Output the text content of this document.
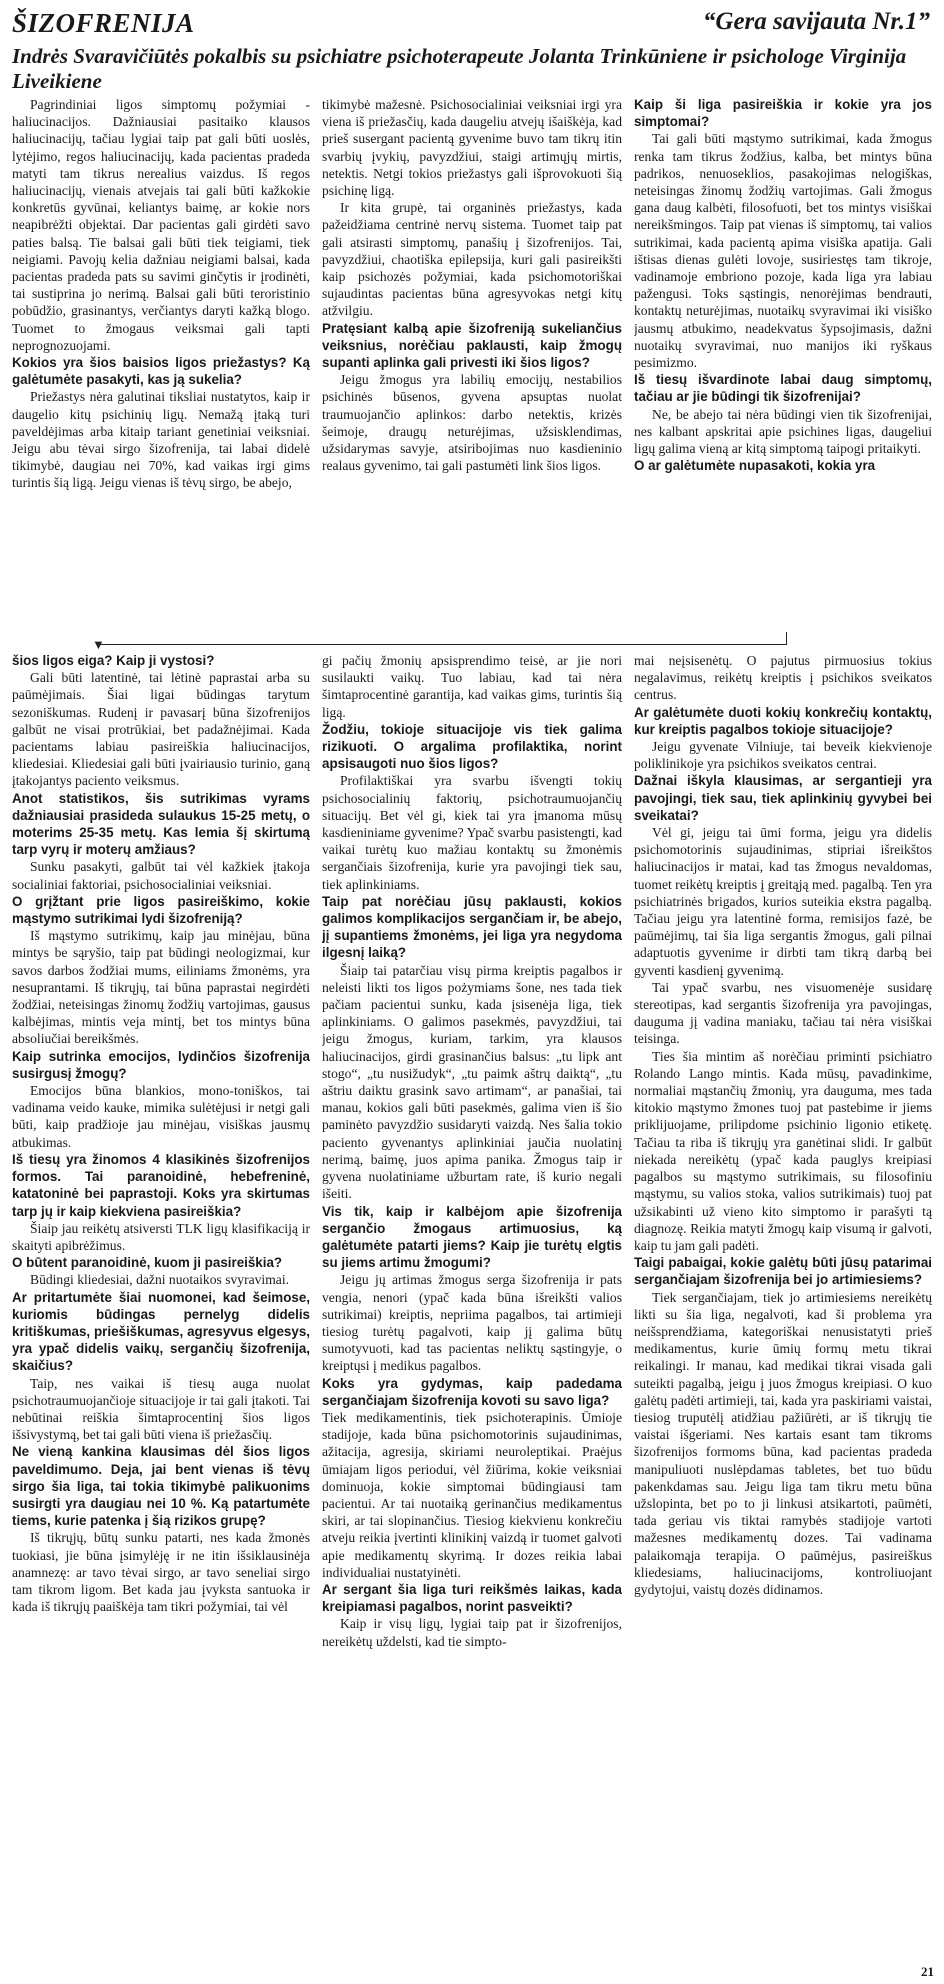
ŠIZOFRENIJA	“Gera savijauta Nr.1”
Indrės Svaravičiūtės pokalbis su psichiatre psichoterapeute Jolanta Trinkūniene ir psichologe Virginija Liveikiene

Pagrindiniai ligos simptomų požymiai - haliucinacijos. Dažniausiai pasitaiko klausos haliucinacijų, tačiau lygiai taip pat gali būti uoslės, lytėjimo, regos haliucinacijų, kada pacientas pradeda matyti tam tikrus nerealius vaizdus. Iš regos haliucinacijų, vienais atvejais tai gali būti kažkokie konkretūs gyvūnai, keliantys baimę, ar kokie nors neapibrėžti objektai. Dar pacientas gali girdėti savo paties balsą. Tie balsai gali būti tiek teigiami, tiek neigiami. Pavojų kelia dažniau neigiami balsai, kada pacientas pradeda pats su savimi ginčytis ir įrodinėti, tai sustiprina jo nerimą. Balsai gali būti teroristinio pobūdžio, grasinantys, verčiantys daryti kažką blogo. Tuomet to žmogaus veiksmai gali tapti neprognozuojami.

Kokios yra šios baisios ligos priežastys? Ką galėtumėte pasakyti, kas ją sukelia?

Priežastys nėra galutinai tiksliai nustatytos, kaip ir daugelio kitų psichinių ligų. Nemažą įtaką turi paveldėjimas arba kitaip tariant genetiniai veiksniai. Jeigu abu tėvai sirgo šizofrenija, tai labai didelė tikimybė, daugiau nei 70%, kad vaikas irgi gims turintis šią ligą. Jeigu vienas iš tėvų sirgo, be abejo,

tikimybė mažesnė. Psichosocialiniai veiksniai irgi yra viena iš priežasčių, kada daugeliu atvejų išaiškėja, kad prieš susergant pacientą gyvenime buvo tam tikrų itin svarbių įvykių, pavyzdžiui, staigi artimųjų mirtis, netektis. Netgi tokios priežastys gali išprovokuoti šią psichinę ligą.

Ir kita grupė, tai organinės priežastys, kada pažeidžiama centrinė nervų sistema. Tuomet taip pat gali atsirasti simptomų, panašių į šizofrenijos. Tai, pavyzdžiui, chaotiška epilepsija, kuri gali pasireikšti kaip psichozės požymiai, kada psichomotoriškai sujaudintas pacientas būna agresyvokas netgi kitų atžvilgiu.

Pratęsiant kalbą apie šizofreniją sukeliančius veiksnius, norėčiau paklausti, kaip žmogų supanti aplinka gali privesti iki šios ligos?

Jeigu žmogus yra labilių emocijų, nestabilios psichinės būsenos, gyvena apsuptas nuolat traumuojančio aplinkos: darbo netektis, krizės šeimoje, draugų neturėjimas, užsisklendimas, užsidarymas savyje, atsiribojimas nuo kasdieninio realaus gyvenimo, tai gali pastumėti link šios ligos.

Kaip ši liga pasireiškia ir kokie yra jos simptomai?

Tai gali būti mąstymo sutrikimai, kada žmogus renka tam tikrus žodžius, kalba, bet mintys būna padrikos, nenuoseklios, pasakojimas nelogiškas, neteisingas žinomų žodžių vartojimas. Gali žmogus gana daug kalbėti, filosofuoti, bet tos mintys visiškai nereikšmingos. Taip pat vienas iš simptomų, tai valios sutrikimai, kada pacientą apima visiška apatija. Gali ištisas dienas gulėti lovoje, susiriestęs tam tikroje, vadinamoje embriono pozoje, kada liga yra labiau pažengusi. Toks sąstingis, nenorėjimas bendrauti, kontaktų neturėjimas, nuotaikų svyravimai iki visiško jausmų atbukimo, neadekvatus šypsojimasis, dažni nuotaikų svyravimai, nuo manijos iki ryškaus pesimizmo.

Iš tiesų išvardinote labai daug simptomų, tačiau ar jie būdingi tik šizofrenijai?

Ne, be abejo tai nėra būdingi vien tik šizofrenijai, nes kalbant apskritai apie psichines ligas, daugeliui ligų galima vieną ar kitą simptomą taipogi pritaikyti.

O ar galėtumėte nupasakoti, kokia yra

▼

šios ligos eiga? Kaip ji vystosi?

Gali būti latentinė, tai lėtinė paprastai arba su paūmėjimais. Šiai ligai būdingas tarytum sezoniškumas. Rudenį ir pavasarį būna šizofrenijos galbūt ne visai protrūkiai, bet padažnėjimai. Kada pacientams labiau pasireiškia haliucinacijos, kliedesiai. Kliedesiai gali būti įvairiausio turinio, ganą įtakojantys paciento veiksmus.

Anot statistikos, šis sutrikimas vyrams dažniausiai prasideda sulaukus 15-25 metų, o moterims 25-35 metų. Kas lemia šį skirtumą tarp vyrų ir moterų amžiaus?

Sunku pasakyti, galbūt tai vėl kažkiek įtakoja socialiniai faktoriai, psichosocialiniai veiksniai.

O grįžtant prie ligos pasireiškimo, kokie mąstymo sutrikimai lydi šizofreniją?

Iš mąstymo sutrikimų, kaip jau minėjau, būna mintys be sąryšio, taip pat būdingi neologizmai, kur savos darbos žodžiai mums, eiliniams žmonėms, yra nesuprantami. Iš tikrųjų, tai būna paprastai negirdėti žodžiai, neteisingas žinomų žodžių vartojimas, gausus kalbėjimas, mintis veja mintį, bet tos mintys būna absoliučiai bereikšmės.

Kaip sutrinka emocijos, lydinčios šizofrenija susirgusį žmogų?

Emocijos būna blankios, mono-toniškos, tai vadinama veido kauke, mimika sulėtėjusi ir netgi gali būti, kaip pradžioje jau minėjau, visiškas jausmų atbukimas.

Iš tiesų yra žinomos 4 klasikinės šizofrenijos formos. Tai paranoidinė, hebefreninė, katatoninė bei paprastoji. Koks yra skirtumas tarp jų ir kaip kiekviena pasireiškia?

Šiaip jau reikėtų atsiversti TLK ligų klasifikaciją ir skaityti apibrėžimus.

O būtent paranoidinė, kuom ji pasireiškia?

Būdingi kliedesiai, dažni nuotaikos svyravimai.

Ar pritartumėte šiai nuomonei, kad šeimose, kuriomis būdingas pernelyg didelis kritiškumas, priešiškumas, agresyvus elgesys, yra ypač didelis vaikų, sergančių šizofrenija, skaičius?

Taip, nes vaikai iš tiesų auga nuolat psichotraumuojančioje situacijoje ir tai gali įtakoti. Tai nebūtinai reiškia šimtaprocentinį šios ligos išsivystymą, bet tai gali būti viena iš priežasčių.

Ne vieną kankina klausimas dėl šios ligos paveldimumo. Deja, jai bent vienas iš tėvų sirgo šia liga, tai tokia tikimybė palikuonims susirgti yra daugiau nei 10 %. Ką patartumėte tiems, kurie patenka į šią rizikos grupę?

Iš tikrųjų, būtų sunku patarti, nes kada žmonės tuokiasi, jie būna įsimylėję ir ne itin išsiklausinėja anamnezę: ar tavo tėvai sirgo, ar tavo seneliai sirgo tam tikrom ligom. Bet kada jau įvyksta santuoka ir kada iš tikrųjų paaiškėja tam tikri požymiai, tai vėl

gi pačių žmonių apsisprendimo teisė, ar jie nori susilaukti vaikų. Tuo labiau, kad tai nėra šimtaprocentinė garantija, kad vaikas gims, turintis šią ligą.

Žodžiu, tokioje situacijoje vis tiek galima rizikuoti. O argalima profilaktika, norint apsisaugoti nuo šios ligos?

Profilaktiškai yra svarbu išvengti tokių psichosocialinių faktorių, psichotraumuojančių situacijų. Bet vėl gi, kiek tai yra įmanoma mūsų kasdieniniame gyvenime? Ypač svarbu pasistengti, kad vaikai turėtų kuo mažiau kontaktų su žmonėmis sergančiais šizofrenija, kurie yra pavojingi tiek sau, tiek aplinkiniams.

Taip pat norėčiau jūsų paklausti, kokios galimos komplikacijos sergančiam ir, be abejo, jį supantiems žmonėms, jei liga yra negydoma ilgesnį laiką?

Šiaip tai patarčiau visų pirma kreiptis pagalbos ir neleisti likti tos ligos pożymiams šone, nes tada tiek pačiam pacientui sunku, kada įsisenėja liga, tiek aplinkiniams. O galimos pasekmės, pavyzdžiui, tai jeigu žmogus, kuriam, tarkim, yra klausos haliucinacijos, girdi grasinančius balsus: „tu lipk ant stogo“, „tu nusižudyk“, „tu paimk aštrų daiktą“, „tu aštriu daiktu grasink savo artimam“, ar panašiai, tai manau, kokios gali būti pasekmės, galima vien iš šio paminėto pavyzdžio susidaryti vaizdą. Nes šalia tokio paciento gyvenantys aplinkiniai jaučia nuolatinį nerimą, baimę, juos apima panika. Žmogus taip ir gyvena nuolatiniame užburtam rate, iš kurio negali išeiti.

Vis tik, kaip ir kalbėjom apie šizofrenija sergančio žmogaus artimuosius, ką galėtumėte patarti jiems? Kaip jie turėtų elgtis su jiems artimu žmogumi?

Jeigu jų artimas žmogus serga šizofrenija ir pats vengia, nenori (ypač kada būna išreikšti valios sutrikimai) kreiptis, nepriima pagalbos, tai artimieji tiesiog turėtų pagalvoti, kaip jį galima būtų sumotyvuoti, kad tas pacientas neliktų sąstingyje, o kreiptųsi į medikus pagalbos.

Koks yra gydymas, kaip padedama sergančiajam šizofrenija kovoti su savo liga?

Tiek medikamentinis, tiek psichoterapinis. Ūmioje stadijoje, kada būna psichomotorinis sujaudinimas, ažitacija, agresija, skiriami neuroleptikai. Praėjus ūmiajam ligos periodui, vėl žiūrima, kokie veiksniai dominuoja, kokie simptomai būdingiausi tam pacientui. Ar tai nuotaiką gerinančius medikamentus skiri, ar tai slopinančius. Tiesiog kiekvienu konkrečiu atveju reikia įvertinti klinikinį vaizdą ir tuomet galvoti apie medikamentų skyrimą. Ir dozes reikia labai individualiai nustatyinėti.

Ar sergant šia liga turi reikšmės laikas, kada kreipiamasi pagalbos, norint pasveikti?

Kaip ir visų ligų, lygiai taip pat ir šizofrenijos, nereikėtų uždelsti, kad tie simpto-

mai neįsisenėtų. O pajutus pirmuosius tokius negalavimus, reikėtų kreiptis į psichikos sveikatos centrus.

Ar galėtumėte duoti kokių konkrečių kontaktų, kur kreiptis pagalbos tokioje situacijoje?

Jeigu gyvenate Vilniuje, tai beveik kiekvienoje poliklinikoje yra psichikos sveikatos centrai.

Dažnai iškyla klausimas, ar sergantieji yra pavojingi, tiek sau, tiek aplinkinių gyvybei bei sveikatai?

Vėl gi, jeigu tai ūmi forma, jeigu yra didelis psichomotorinis sujaudinimas, stipriai išreikštos haliucinacijos ir matai, kad tas žmogus nevaldomas, tuomet reikėtų kreiptis į greitąją med. pagalbą. Ten yra psichiatrinės brigados, kurios suteikia ekstra pagalbą. Tačiau jeigu yra latentinė forma, remisijos fazė, be paūmėjimų, tai šia liga sergantis žmogus, gali pilnai adaptuotis gyvenime ir dirbti tam tikrą darbą bei gyventi kasdienį gyvenimą.

Tai ypač svarbu, nes visuomenėje susidarę stereotipas, kad sergantis šizofrenija yra pavojingas, dauguma jį vadina maniaku, tačiau tai nėra visiškai teisinga.

Ties šia mintim aš norėčiau priminti psichiatro Rolando Lango mintis. Kada mūsų, pavadinkime, normaliai mąstančių žmonių, yra dauguma, mes tada kitokio mąstymo žmones tuoj pat pastebime ir jiems priklijuojame, prilipdome psichinio ligonio etiketę. Tačiau ta riba iš tikrųjų yra ganėtinai slidi. Ir galbūt niekada nereikėtų (ypač kada pauglys kreipiasi pagalbos su mąstymo sutrikimais, su filosofiniu mąstymu, su valios stoka, valios sutrikimais) tuoj pat užsikabinti už vieno kito simptomo ir parašyti tą diagnozę. Reikia matyti žmogų kaip visumą ir galvoti, kaip tu jam gali padėti.

Taigi pabaigai, kokie galėtų būti jūsų patarimai sergančiajam šizofrenija bei jo artimiesiems?

Tiek sergančiajam, tiek jo artimiesiems nereikėtų likti su šia liga, negalvoti, kad ši problema yra neišsprendžiama, kategoriškai nenusistatyti prieš medikamentus, kurie ūmių formų metu tikrai reikalingi. Ir manau, kad medikai tikrai visada gali suteikti pagalbą, jeigu į juos žmogus kreipiasi. O kuo galėtų padėti artimieji, tai, kada yra paskiriami vaistai, tiesiog truputėlį atidžiau pažiūrėti, ar iš tikrųjų tie vaistai išgeriami. Nes kartais esant tam tikroms šizofrenijos formoms būna, kad pacientas pradeda manipuliuoti nuslėpdamas tabletes, bet tuo būdu pakenkdamas sau. Jeigu liga tam tikru metu būna užslopinta, bet po to ji linkusi atsikartoti, paūmėti, tada geriau vis tiktai ramybės stadijoje vartoti mažesnes medikamentų dozes. Tai vadinama palaikomąja terapija. O paūmėjus, pasireiškus kliedesiams, haliucinacijoms, kontroliuojant gydytojui, vaistų dozės didinamos.

21
